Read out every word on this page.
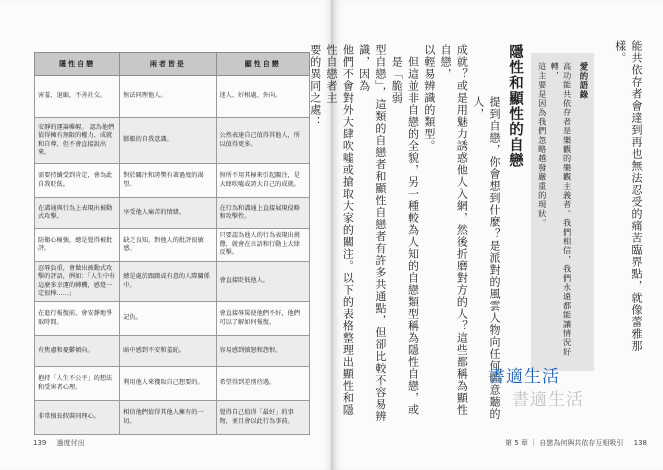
隱性自戀	兩者皆是	顯性自戀
害羞、退縮，不善社交。	無法同理他人。	迷人、好相處、外向。
安靜的運籌帷幄。 認為他們值得擁有無限的權力、成就和自尊，但不會直接說出來。	膨脹的自我意識。	公然表達自己值得其他人，所以值得更多。
需要持續受到肯定，會為此自我貶低。	對於關注和誇獎有著過度的渴望。	無所不用其極來引起關注，是大肆吹噓或誇大自己的成就。
在溝通與行為上表現出被動式攻擊。	享受他人痛苦的情緒。	在行為和溝通上直接展現侵略和攻擊性。
防衛心極強，總是覺得被批評。	缺乏良知，對他人的批評很敏感。	只要認為他人的行為表現出挑釁，就會在言語和行動上大肆反擊。
忍辱負重，會做出被動式攻擊的評語，例如：「人生中有這麼多幸運的轉機，感覺一定很棒……」	總是處於跟踉或有意的人際關係中。	會直接貶低他人。
在進行報復前，會安靜地爭取時間。	記仇。	會直接辱罵使他們不好，他們可以了解如何報復。
有焦慮和憂鬱傾向。	暗中感到不安和羞恥。	容易感到憤怒和怨恨。
抱持「人生不公平」的想法和受害者心理。	利用他人來獲取自己想要的。	希望得到差別待遇。
非常擅長假裝同理心。	相信他們值得其他人擁有的一切。	覺得自己值得「最好」的事物，並且會以此行為事前。
139 過度付出
能共依存者會達到再也無法忍受的痛苦臨界點，就像蕾雅那樣。
愛的語錄
高功能共依存者是樂觀的樂觀主義者。我們相信，我們永遠都能讓情況好轉，
這主要是因為我們忽略越發嚴重的現狀。
隱性和顯性的自戀
提到自戀，你會想到什麼？是派對的風雲人物向任何願意聽的人，
成就？或是用魅力誘惑他人入網，然後折磨對方的人？這些都稱為顯性自戀，
以輕易辨識的類型。
但這並非自戀的全貌，另一種較為人知的自戀類型稱為隱性自戀，或是「脆弱
型自戀」，這類的自戀者和顯性自戀者有許多共通點，但卻比較不容易辨識，因為
他們不會對外大肆吹噓或搶取大家的關注。以下的表格整理出顯性和隱性自戀者主
要的異同之處：
書適生活
書適生活
第 5 章 ｜ 自戀為何與共依存互相吸引 138
